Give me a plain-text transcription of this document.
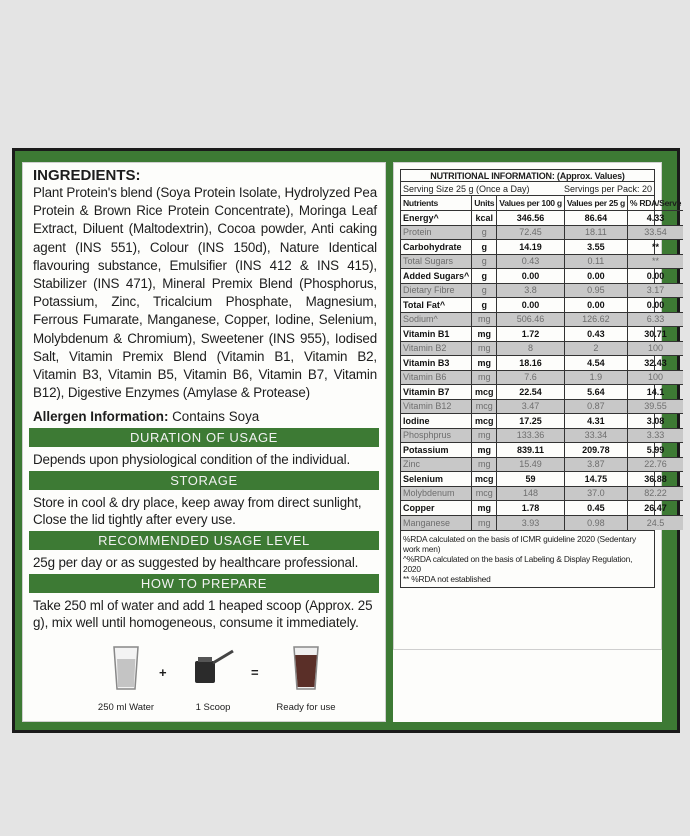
INGREDIENTS:
Plant Protein's blend (Soya Protein Isolate, Hydrolyzed Pea Protein & Brown Rice Protein Concentrate), Moringa Leaf Extract, Diluent (Maltodextrin), Cocoa powder, Anti caking agent (INS 551), Colour (INS 150d), Nature Identical flavouring substance, Emulsifier (INS 412 & INS 415), Stabilizer (INS 471), Mineral Premix Blend (Phosphorus, Potassium, Zinc, Tricalcium Phosphate, Magnesium, Ferrous Fumarate, Manganese, Copper, Iodine, Selenium, Molybdenum & Chromium), Sweetener (INS 955), Iodised Salt, Vitamin Premix Blend (Vitamin B1, Vitamin B2, Vitamin B3, Vitamin B5, Vitamin B6, Vitamin B7, Vitamin B12), Digestive Enzymes (Amylase & Protease)
Allergen Information: Contains Soya
DURATION OF USAGE
Depends upon physiological condition of the individual.
STORAGE
Store in cool & dry place, keep away from direct sunlight, Close the lid tightly after every use.
RECOMMENDED USAGE LEVEL
25g per day or as suggested by healthcare professional.
HOW TO PREPARE
Take 250 ml of water and add 1 heaped scoop (Approx. 25 g), mix well until homogeneous, consume it immediately.
250 ml Water
+
1 Scoop
=
Ready for use
NUTRITIONAL INFORMATION: (Approx. Values)
Serving Size 25 g (Once a Day)	Servings per Pack: 20
Nutrients	Units	Values per 100 g	Values per 25 g	% RDA/Serve
Energy^	kcal	346.56	86.64	4.33
Protein	g	72.45	18.11	33.54
Carbohydrate	g	14.19	3.55	**
Total Sugars	g	0.43	0.11	**
Added Sugars^	g	0.00	0.00	0.00
Dietary Fibre	g	3.8	0.95	3.17
Total Fat^	g	0.00	0.00	0.00
Sodium^	mg	506.46	126.62	6.33
Vitamin B1	mg	1.72	0.43	30.71
Vitamin B2	mg	8	2	100
Vitamin B3	mg	18.16	4.54	32.43
Vitamin B6	mg	7.6	1.9	100
Vitamin B7	mcg	22.54	5.64	14.1
Vitamin B12	mcg	3.47	0.87	39.55
Iodine	mcg	17.25	4.31	3.08
Phosphprus	mg	133.36	33.34	3.33
Potassium	mg	839.11	209.78	5.99
Zinc	mg	15.49	3.87	22.76
Selenium	mcg	59	14.75	36.88
Molybdenum	mcg	148	37.0	82.22
Copper	mg	1.78	0.45	26.47
Manganese	mg	3.93	0.98	24.5
%RDA calculated on the basis of ICMR guideline 2020 (Sedentary work men)
^%RDA calculated on the basis of Labeling & Display Regulation, 2020
** %RDA not established
